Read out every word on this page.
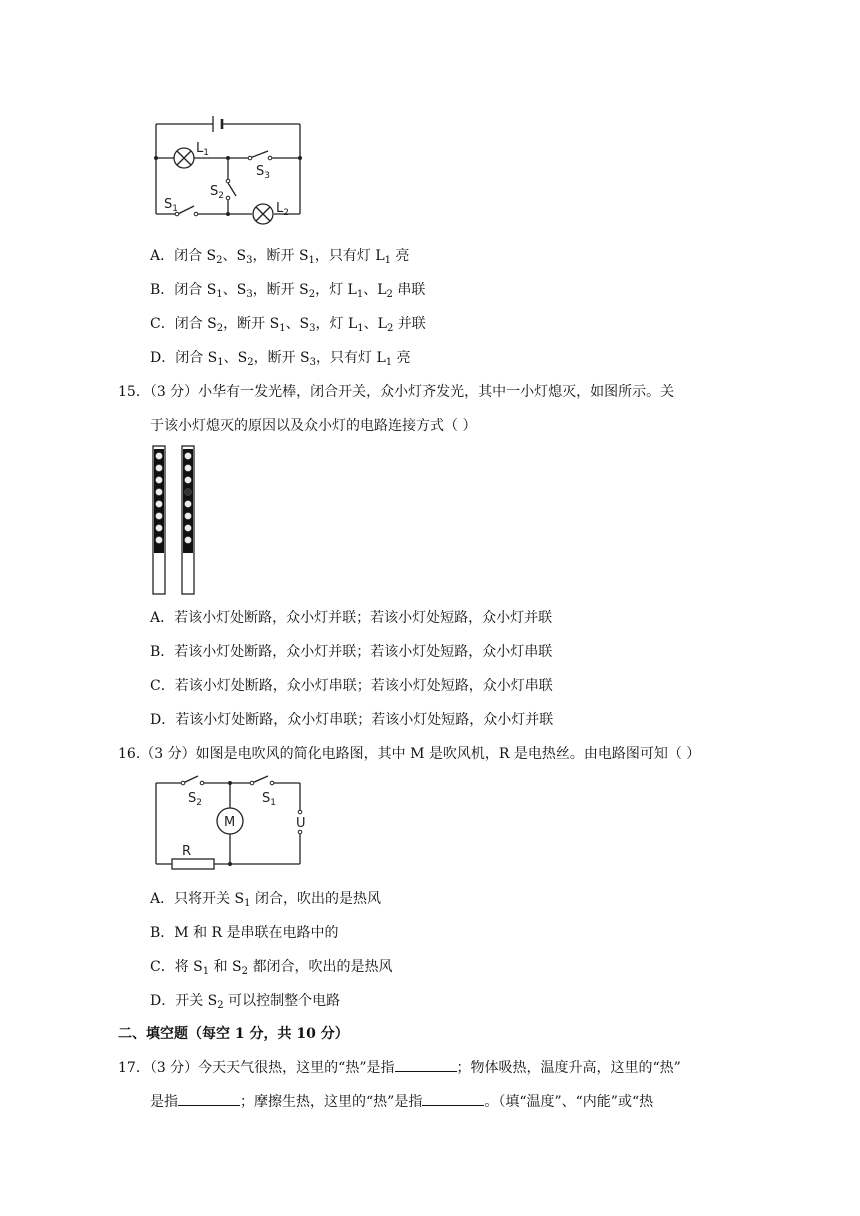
$L_1$
$S_3$
$S_2$
$S_1$	$L_2$
A．闭合 $S_2$、$S_3$，断开 $S_1$，只有灯 $L_1$ 亮
B．闭合 $S_1$、$S_3$，断开 $S_2$，灯 $L_1$、$L_2$ 串联
C．闭合 $S_2$，断开 $S_1$、$S_3$，灯 $L_1$、$L_2$ 并联
D．闭合 $S_1$、$S_2$，断开 $S_3$，只有灯 $L_1$ 亮
15．（3 分）小华有一发光棒，闭合开关，众小灯齐发光，其中一小灯熄灭，如图所示。关
于该小灯熄灭的原因以及众小灯的电路连接方式（ ）
A．若该小灯处断路，众小灯并联；若该小灯处短路，众小灯并联
B．若该小灯处断路，众小灯并联；若该小灯处短路，众小灯串联
C．若该小灯处断路，众小灯串联；若该小灯处短路，众小灯串联
D．若该小灯处断路，众小灯串联；若该小灯处短路，众小灯并联
16.（3 分）如图是电吹风的简化电路图，其中 M 是吹风机，R 是电热丝。由电路图可知（ ）
$S_2$	$S_1$
M	U
R
A．只将开关 $S_1$ 闭合，吹出的是热风
B．M 和 R 是串联在电路中的
C．将 $S_1$ 和 $S_2$ 都闭合，吹出的是热风
D．开关 $S_2$ 可以控制整个电路
二、填空题（每空 1 分，共 10 分）
17．（3 分）今天天气很热，这里的“热”是指	；物体吸热，温度升高，这里的“热”
是指	；摩擦生热，这里的“热”是指	。（填“温度”、“内能”或“热
